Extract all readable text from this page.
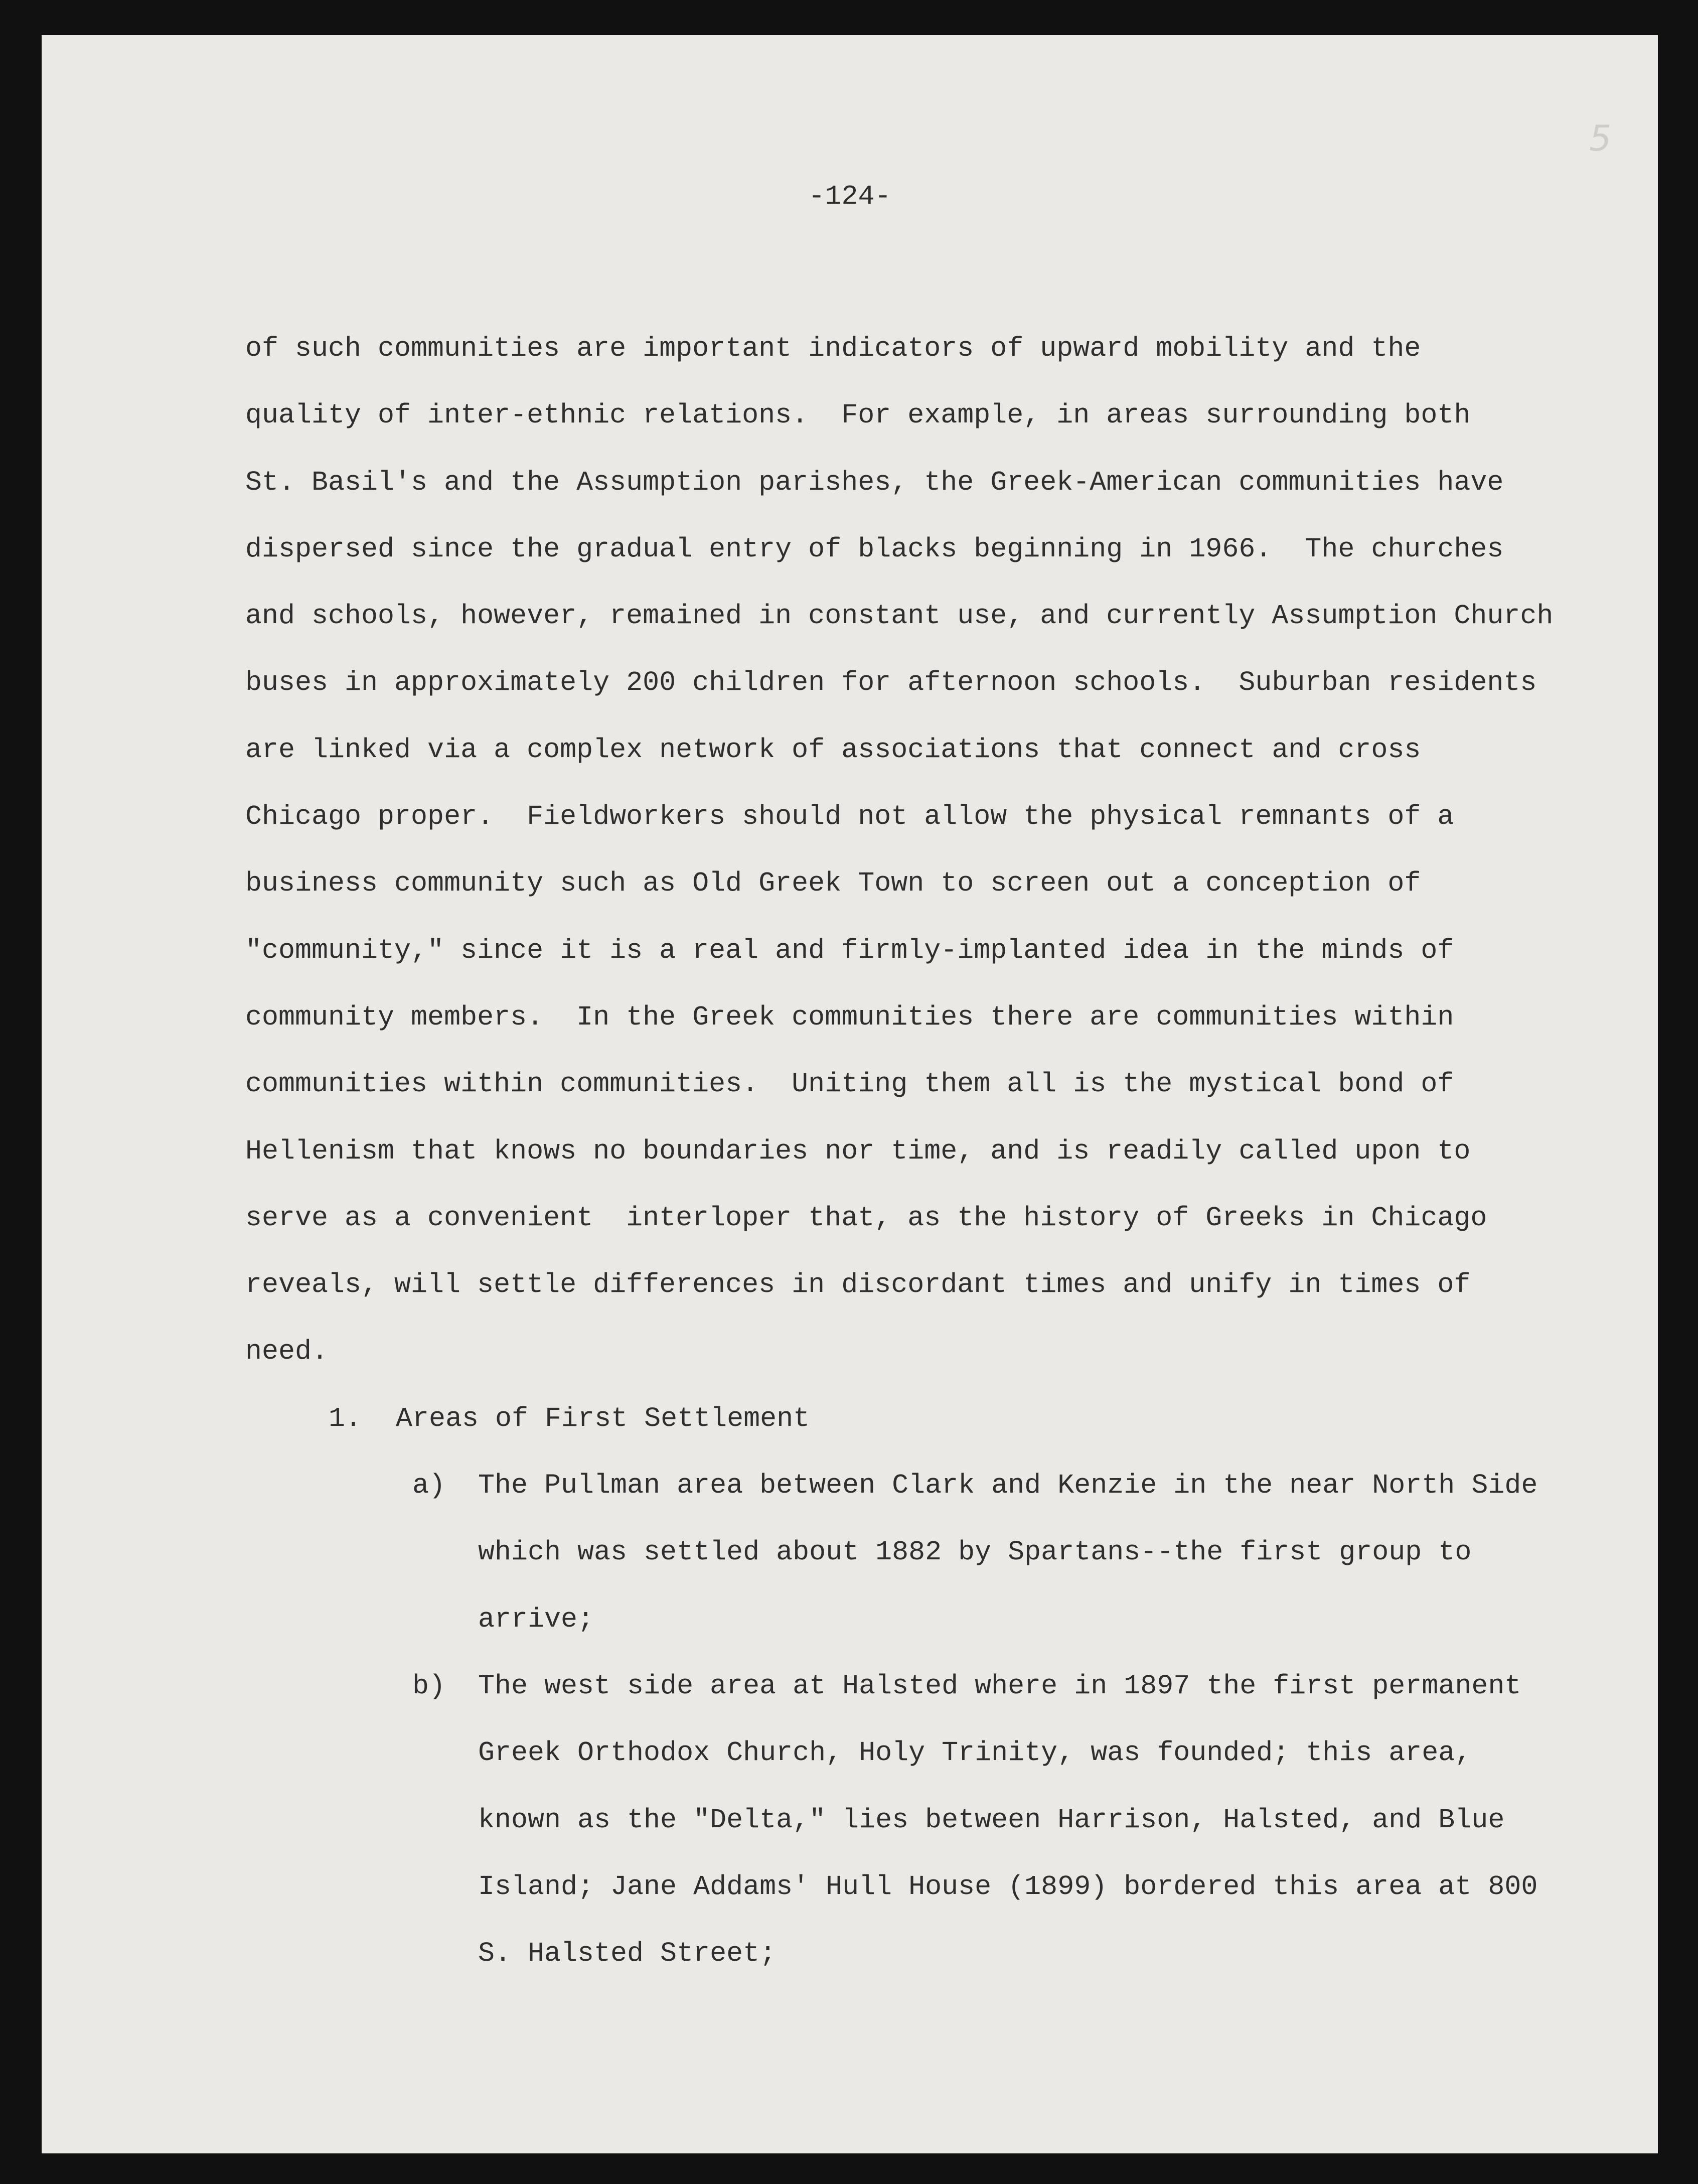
-124-
5
of such communities are important indicators of upward mobility and the
quality of inter-ethnic relations.  For example, in areas surrounding both
St. Basil's and the Assumption parishes, the Greek-American communities have
dispersed since the gradual entry of blacks beginning in 1966.  The churches
and schools, however, remained in constant use, and currently Assumption Church
buses in approximately 200 children for afternoon schools.  Suburban residents
are linked via a complex network of associations that connect and cross
Chicago proper.  Fieldworkers should not allow the physical remnants of a
business community such as Old Greek Town to screen out a conception of
"community," since it is a real and firmly-implanted idea in the minds of
community members.  In the Greek communities there are communities within
communities within communities.  Uniting them all is the mystical bond of
Hellenism that knows no boundaries nor time, and is readily called upon to
serve as a convenient  interloper that, as the history of Greeks in Chicago
reveals, will settle differences in discordant times and unify in times of
need.
1. Areas of First Settlement
a) The Pullman area between Clark and Kenzie in the near North Side
which was settled about 1882 by Spartans--the first group to
arrive;
b) The west side area at Halsted where in 1897 the first permanent
Greek Orthodox Church, Holy Trinity, was founded; this area,
known as the "Delta," lies between Harrison, Halsted, and Blue
Island; Jane Addams' Hull House (1899) bordered this area at 800
S. Halsted Street;
